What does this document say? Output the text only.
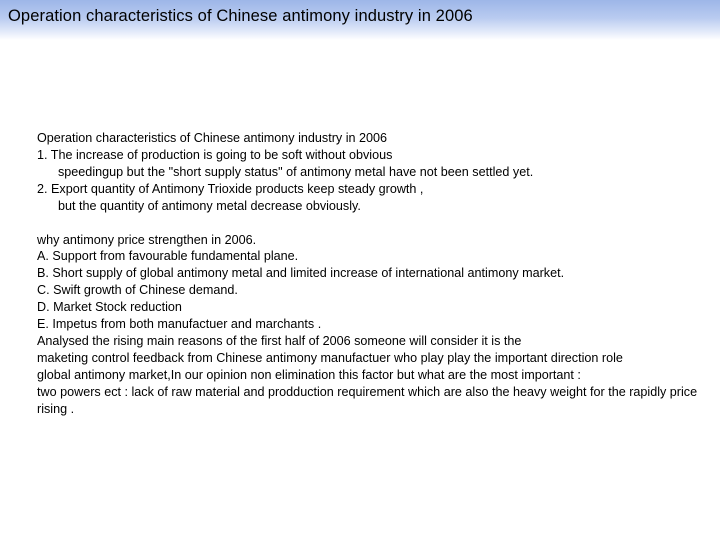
Operation characteristics of Chinese antimony industry in 2006
Operation characteristics of Chinese antimony industry in 2006
1. The increase of production is going to be soft without obvious
speedingup but the "short supply status" of antimony metal have not been settled yet.
2. Export quantity of Antimony Trioxide products keep steady growth ,
but the quantity of antimony metal decrease obviously.
why antimony price strengthen in 2006.
A. Support from favourable fundamental plane.
B. Short supply of global antimony metal and limited increase of international antimony market.
C. Swift growth of Chinese demand.
D. Market Stock reduction
E. Impetus from both manufactuer and marchants .
Analysed the rising main reasons of the first half of 2006 someone will consider it is the
maketing control feedback from Chinese antimony manufactuer who play play the important direction role
global antimony market,In our opinion non elimination this factor but what are the most important :
two powers ect : lack of raw material and prodduction requirement which are also the heavy weight for the rapidly price
rising .
